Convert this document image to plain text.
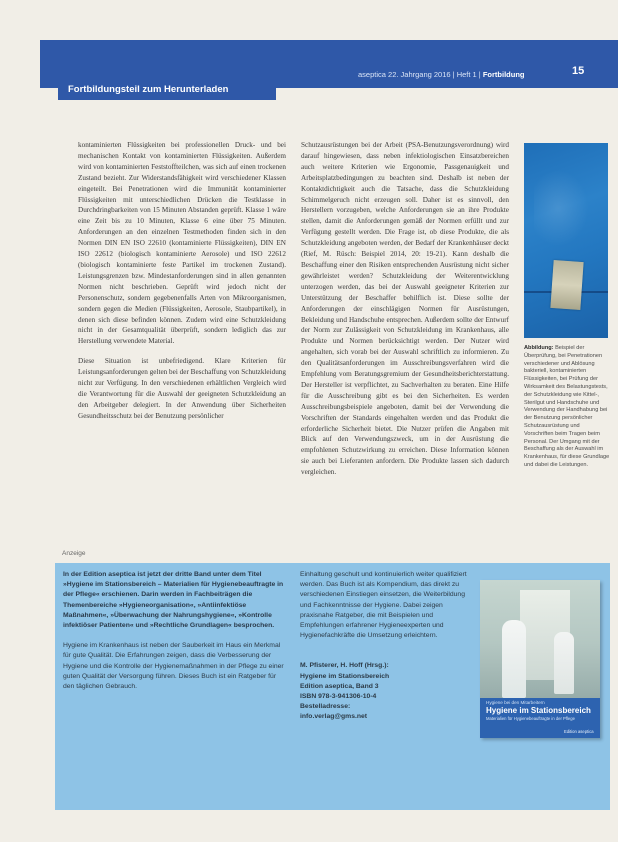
aseptica 22. Jahrgang 2016 | Heft 1 | Fortbildung	15
Fortbildungsteil zum Herunterladen

kontaminierten Flüssigkeiten bei professionellen Druck- und bei mechanischen Kontakt von kontaminierten Flüssigkeiten. Außerdem wird von kontaminierten Feststoffteilchen, was sich auf einen trockenen Zustand bezieht. Zur Widerstandsfähigkeit wird verschiedener Klassen eingeteilt. Bei Penetrationen wird die Immunität kontaminierter Flüssigkeiten mit unterschiedlichen Drücken die Testklasse in Durchdringbarkeiten von 15 Minuten Abstanden geprüft. Klasse 1 wäre eine Zeit bis zu 10 Minuten, Klasse 6 eine über 75 Minuten. Anforderungen an den einzelnen Testmethoden finden sich in den Normen DIN EN ISO 22610 (kontaminierte Flüssigkeiten), DIN EN ISO 22612 (biologisch kontaminierte Aerosole) und ISO 22612 (biologisch kontaminierte feste Partikel im trockenen Zustand). Leistungsgrenzen bzw. Mindestanforderungen sind in allen genannten Normen nicht beschrieben. Geprüft wird jedoch nicht der Personenschutz, sondern gegebenenfalls Arten von Mikroorganismen, sondern gegen die Medien (Flüssigkeiten, Aerosole, Staubpartikel), in denen sich diese befinden können. Zudem wird eine Schutzkleidung nicht in der Gesamtqualität überprüft, sondern lediglich das zur Herstellung verwendete Material.

Diese Situation ist unbefriedigend. Klare Kriterien für Leistungsanforderungen gelten bei der Beschaffung von Schutzkleidung nicht zur Verfügung. In den verschiedenen erhältlichen Vergleich wird die Verantwortung für die Auswahl der geeigneten Schutzkleidung an den Arbeitgeber delegiert. In der Anwendung über Sicherheiten Gesundheitsschutz bei der Benutzung persönlicher

Schutzausrüstungen bei der Arbeit (PSA-Benutzungsverordnung) wird darauf hingewiesen, dass neben infektiologischen Einsatzbereichen auch weitere Kriterien wie Ergonomie, Passgenauigkeit und Arbeitsplatzbedingungen zu beachten sind. Deshalb ist neben der Kontaktdichtigkeit auch die Tatsache, dass die Schutzkleidung Schimmelgeruch nicht erzeugen soll. Daher ist es sinnvoll, den Herstellern vorzugeben, welche Anforderungen sie an ihre Produkte stellen, damit die Anforderungen gemäß der Normen erfüllt und zur Verfügung gestellt werden. Die Frage ist, ob diese Produkte, die als Schutzkleidung angeboten werden, der Bedarf der Krankenhäuser deckt (Rief, M. Rüsch: Beispiel 2014, 20: 19-21). Kann deshalb die Beschaffung einer den Risiken entsprechenden Ausrüstung nicht sicher gewährleistet werden? Schutzkleidung der Weiterentwicklung unterzogen werden, das bei der Auswahl geeigneter Kriterien zur Unterstützung der Beschaffer behilflich ist. Diese sollte der Anforderungen der einschlägigen Normen für Ausrüstungen, Bekleidung und Handschuhe entsprechen. Außerdem sollte der Entwurf der Norm zur Zulässigkeit von Schutzkleidung im Krankenhaus, alle Produkte und Normen berücksichtigt werden. Der Nutzer wird angehalten, sich vorab bei der Auswahl schriftlich zu informieren. Zu den Qualitätsanforderungen im Ausschreibungsverfahren wird die Empfehlung vom Beratungsgremium der Gesundheitsberichterstattung. Der Hersteller ist verpflichtet, zu Sachverhalten zu beraten. Eine Hilfe für die Ausschreibung gibt es bei den Sicherheiten. Es werden Ausschreibungsbeispiele angeboten, damit bei der Verwendung die Vorschriften der Standards eingehalten werden und das Produkt die erforderliche Sicherheit bietet. Die Nutzer prüfen die Angaben mit Blick auf den Verwendungszweck, um in der Ausrüstung die empfohlenen Schutzwirkung zu erreichen. Diese Information können sie auch bei Lieferanten anfordern. Die Produkte lassen sich dadurch vergleichen.

Abbildung: Beispiel der Überprüfung, bei Penetrationen verschiedener und Ablösung bakteriell, kontaminierten Flüssigkeiten, bei Prüfung der Wirksamkeit des Belastungstests, der Schutzkleidung wie Kittel-, Sterilgut und Handschuhe und Verwendung der Handhabung bei der Benutzung persönlicher Schutzausrüstung und Vorschriften beim Tragen beim Personal. Der Umgang mit der Beschaffung als der Auswahl im Krankenhaus, für diese Grundlage und dabei die Leistungen.
Anzeige
In der Edition aseptica ist jetzt der dritte Band unter dem Titel »Hygiene im Stationsbereich – Materialien für Hygienebeauftragte in der Pflege« erschienen. Darin werden in Fachbeiträgen die Themenbereiche »Hygieneorganisation«, »Antiinfektiöse Maßnahmen«, »Überwachung der Nahrungshygiene«, »Kontrolle infektiöser Patienten« und »Rechtliche Grundlagen« besprochen.
Hygiene im Krankenhaus ist neben der Sauberkeit im Haus ein Merkmal für gute Qualität. Die Erfahrungen zeigen, dass die Verbesserung der Hygiene und die Kontrolle der Hygienemaßnahmen in der Pflege zu einer guten Qualität der Versorgung führen. Dieses Buch ist ein Ratgeber für den täglichen Gebrauch.
Einhaltung geschult und kontinuierlich weiter qualifiziert werden. Das Buch ist als Kompendium, das direkt zu verschiedenen Einstiegen einsetzen, die Weiterbildung und Fachkenntnisse der Hygiene. Dabei zeigen praxisnahe Ratgeber, die mit Beispielen und Empfehlungen erfahrener Hygieneexperten und Hygienefachkräfte die Umsetzung erleichtern.
M. Pfisterer, H. Hoff (Hrsg.):
Hygiene im Stationsbereich
Edition aseptica, Band 3
ISBN 978-3-941306-10-4
Bestelladresse:
info.verlag@gms.net
Hygiene bei den Mitarbeitern
Hygiene im Stationsbereich
Materialien für Hygienebeauftragte in der Pflege
Edition aseptica
